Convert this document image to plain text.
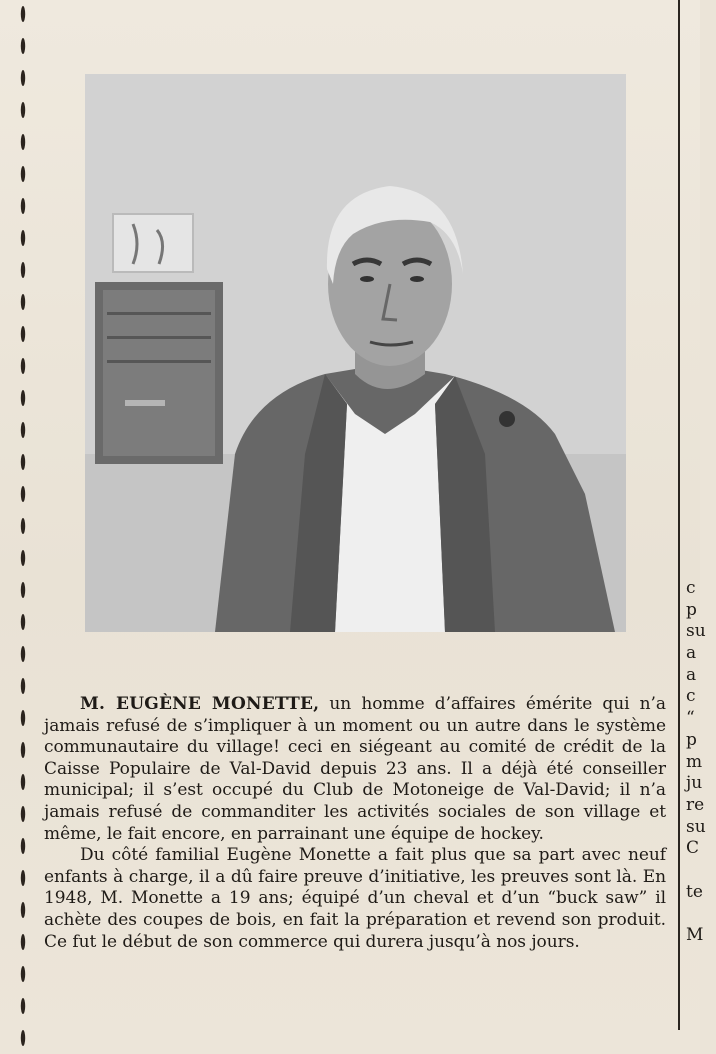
M. EUGÈNE MONETTE, un homme d’affaires émérite qui n’a jamais refusé de s’impliquer à un moment ou un autre dans le système communautaire du village! ceci en siégeant au comité de crédit de la Caisse Populaire de Val-David depuis 23 ans. Il a déjà été conseiller municipal; il s’est occupé du Club de Motoneige de Val-David; il n’a jamais refusé de commanditer les activités sociales de son village et même, le fait encore, en parrainant une équipe de hockey.

Du côté familial Eugène Monette a fait plus que sa part avec neuf enfants à charge, il a dû faire preuve d’initiative, les preuves sont là. En 1948, M. Monette a 19 ans; équipé d’un cheval et d’un “buck saw” il achète des coupes de bois, en fait la préparation et revend son produit. Ce fut le début de son commerce qui durera jusqu’à nos jours.

c
p
su
a
a
c
“
p
m
ju
re
su
C
te
M
